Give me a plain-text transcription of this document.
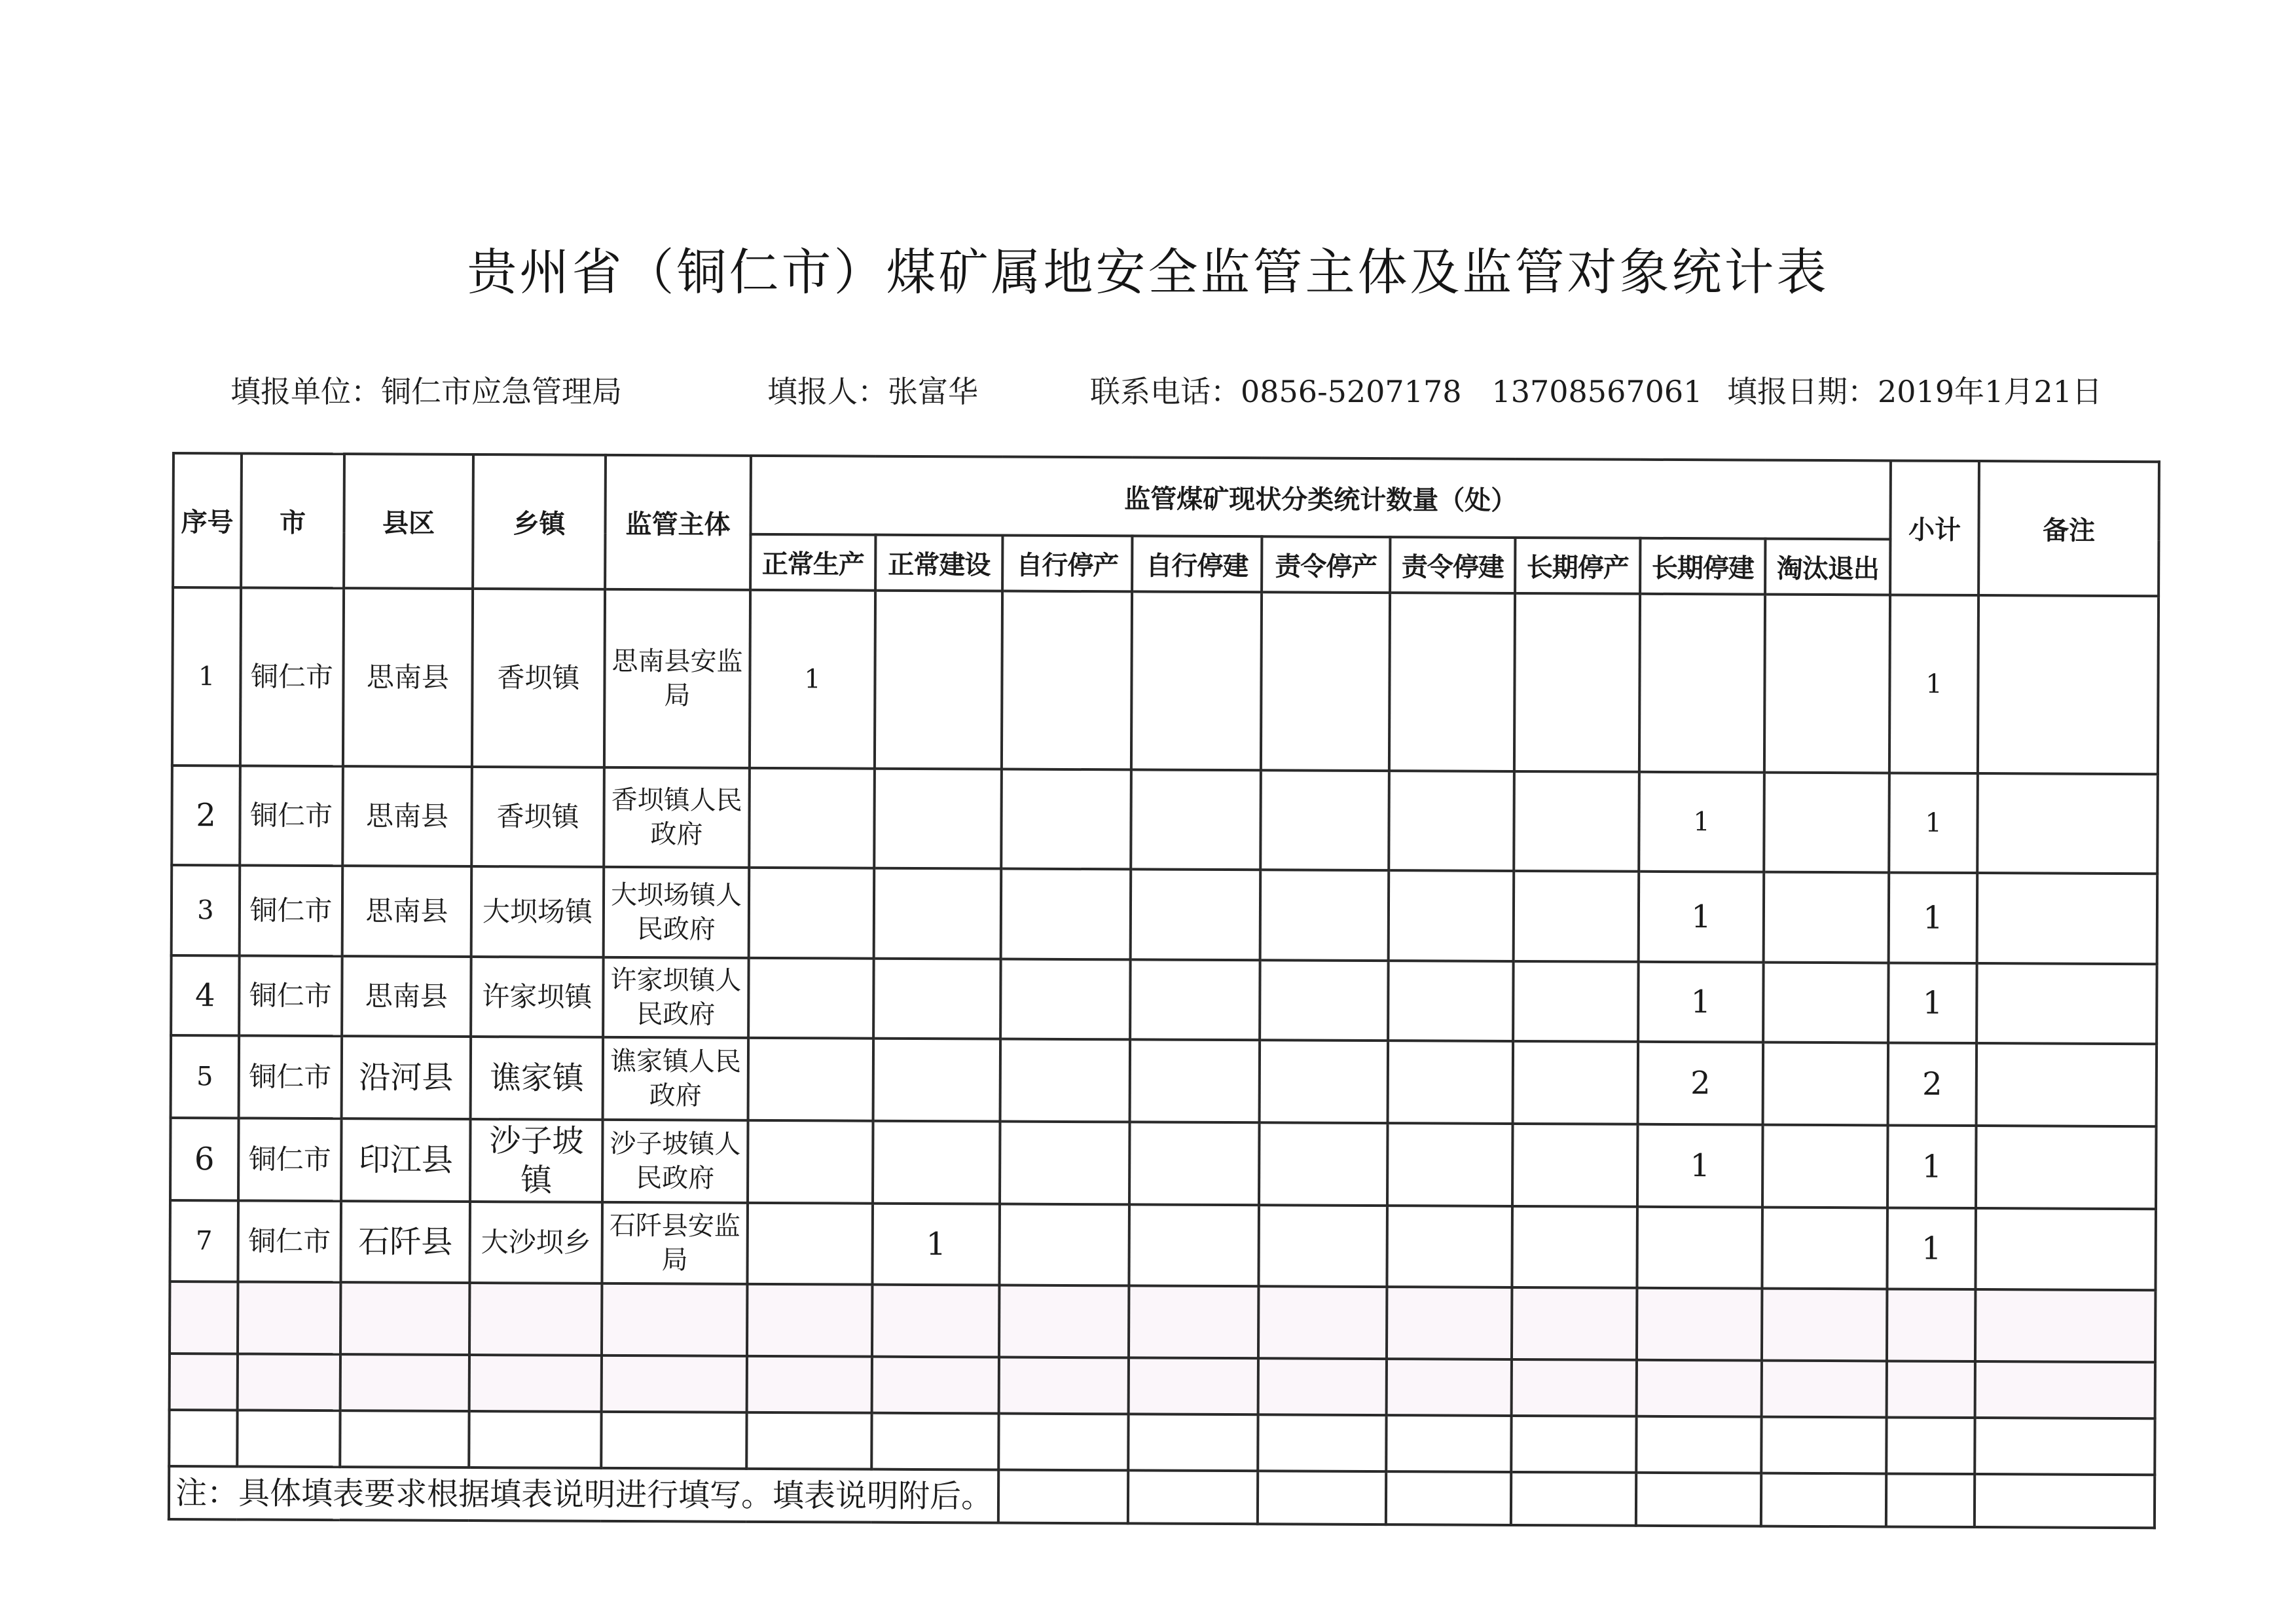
贵州省（铜仁市）煤矿属地安全监管主体及监管对象统计表
填报单位：铜仁市应急管理局	填报人：张富华	联系电话：0856-5207178　13708567061 填报日期：2019年1月21日
序号	市	县区	乡镇	监管主体	监管煤矿现状分类统计数量（处）									小计	备注
					正常生产	正常建设	自行停产	自行停建	责令停产	责令停建	长期停产	长期停建	淘汰退出		
1	铜仁市	思南县	香坝镇	思南县安监局	1									1	
2	铜仁市	思南县	香坝镇	香坝镇人民政府								1		1	
3	铜仁市	思南县	大坝场镇	大坝场镇人民政府								1		1	
4	铜仁市	思南县	许家坝镇	许家坝镇人民政府								1		1	
5	铜仁市	沿河县	谯家镇	谯家镇人民政府								2		2	
6	铜仁市	印江县	沙子坡镇	沙子坡镇人民政府								1		1	
7	铜仁市	石阡县	大沙坝乡	石阡县安监局		1								1	

注：具体填表要求根据填表说明进行填写。填表说明附后。															
